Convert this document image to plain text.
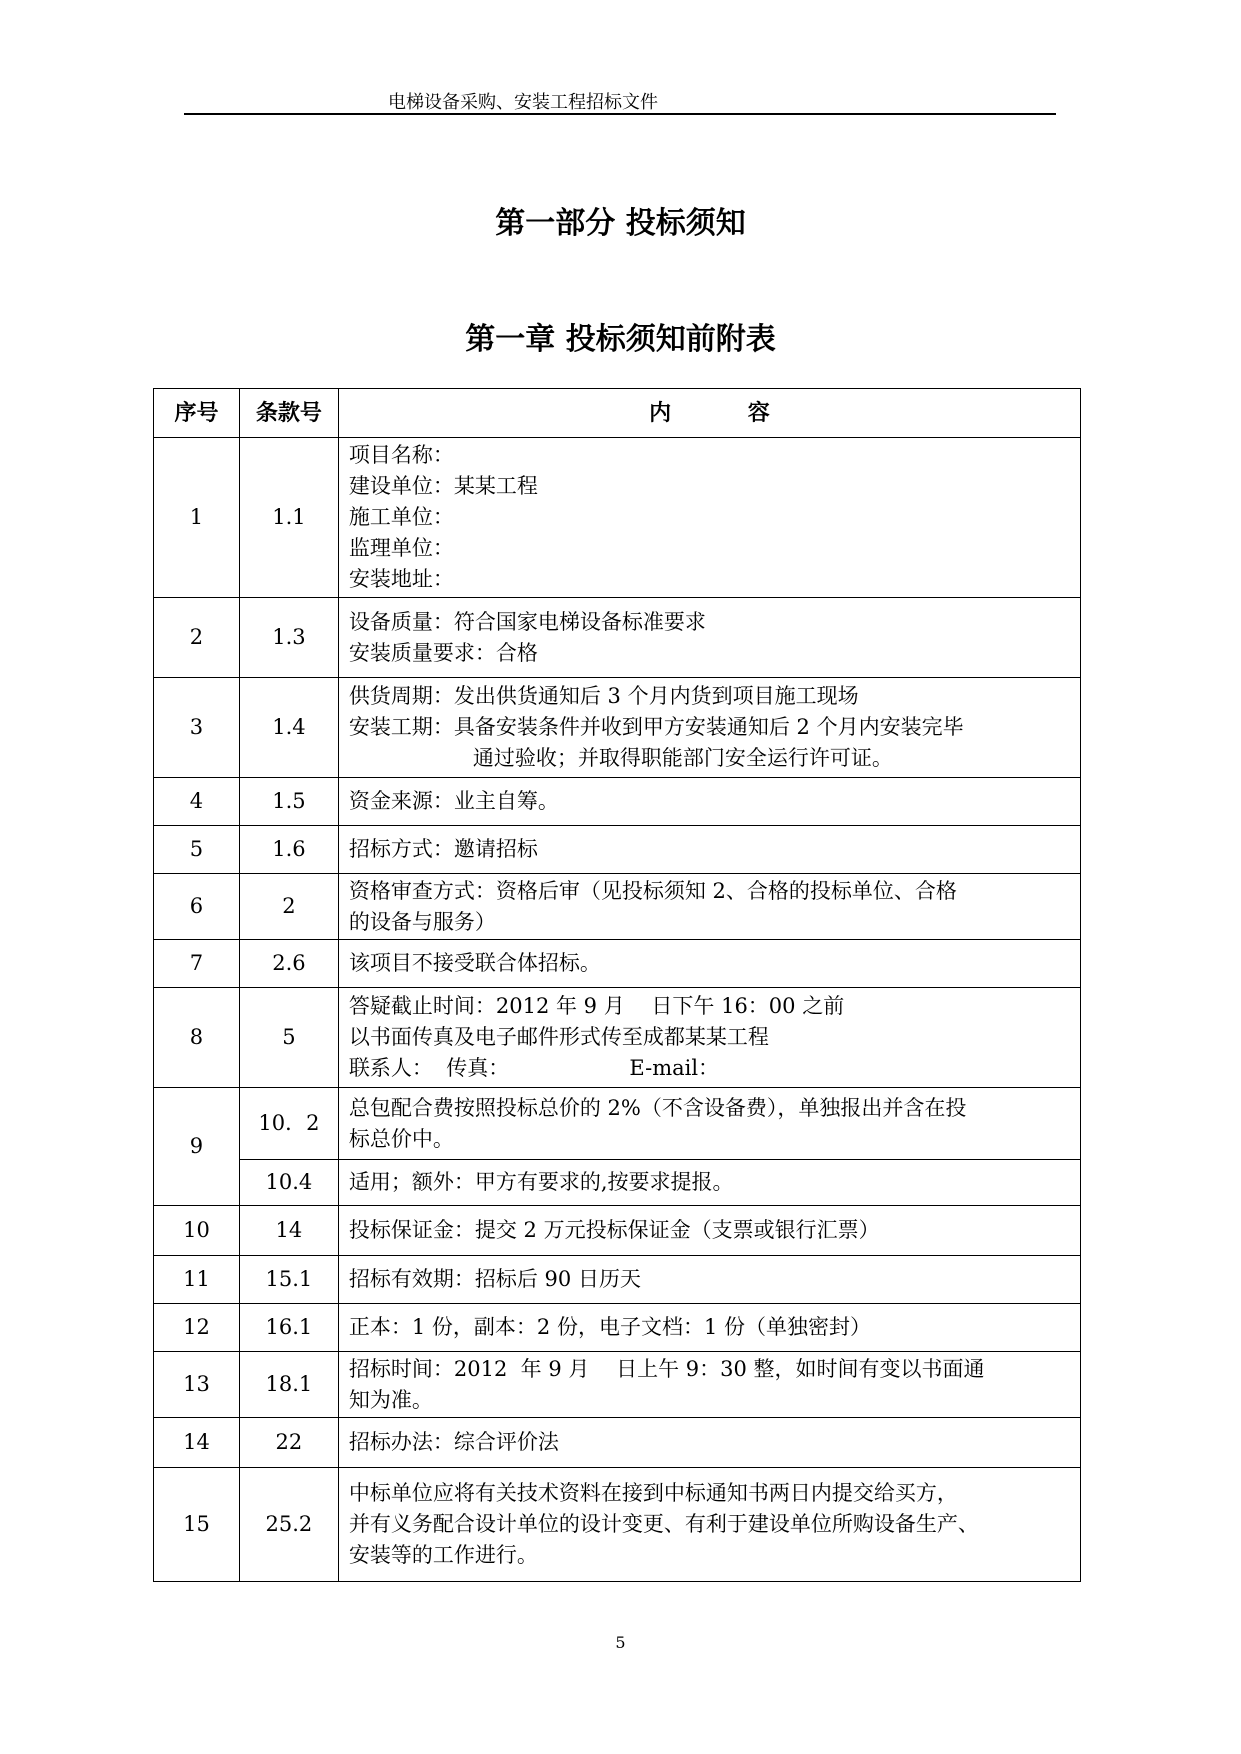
电梯设备采购、安装工程招标文件
第一部分 投标须知
第一章 投标须知前附表
序号	条款号	内          容
1	1.1	项目名称：
建设单位：某某工程
施工单位：
监理单位：
安装地址：

2	1.3	设备质量：符合国家电梯设备标准要求
安装质量要求：合格

3	1.4	供货周期：发出供货通知后 3 个月内货到项目施工现场
安装工期：具备安装条件并收到甲方安装通知后 2 个月内安装完毕
通过验收；并取得职能部门安全运行许可证。

4	1.5	资金来源：业主自筹。

5	1.6	招标方式：邀请招标

6	2	资格审查方式：资格后审（见投标须知 2、合格的投标单位、合格
的设备与服务）

7	2.6	该项目不接受联合体招标。

8	5	答疑截止时间：2012 年 9 月    日下午 16：00 之前
以书面传真及电子邮件形式传至成都某某工程
联系人：  传真：                  E-mail：

9	10．2	总包配合费按照投标总价的 2%（不含设备费），单独报出并含在投
标总价中。

	10.4	适用；额外：甲方有要求的,按要求提报。

10	14	投标保证金：提交 2 万元投标保证金（支票或银行汇票）

11	15.1	招标有效期：招标后 90 日历天

12	16.1	正本：1 份，副本：2 份，电子文档：1 份（单独密封）

13	18.1	招标时间：2012  年 9 月    日上午 9：30 整，如时间有变以书面通
知为准。

14	22	招标办法：综合评价法

15	25.2	中标单位应将有关技术资料在接到中标通知书两日内提交给买方，
并有义务配合设计单位的设计变更、有利于建设单位所购设备生产、
安装等的工作进行。
5
